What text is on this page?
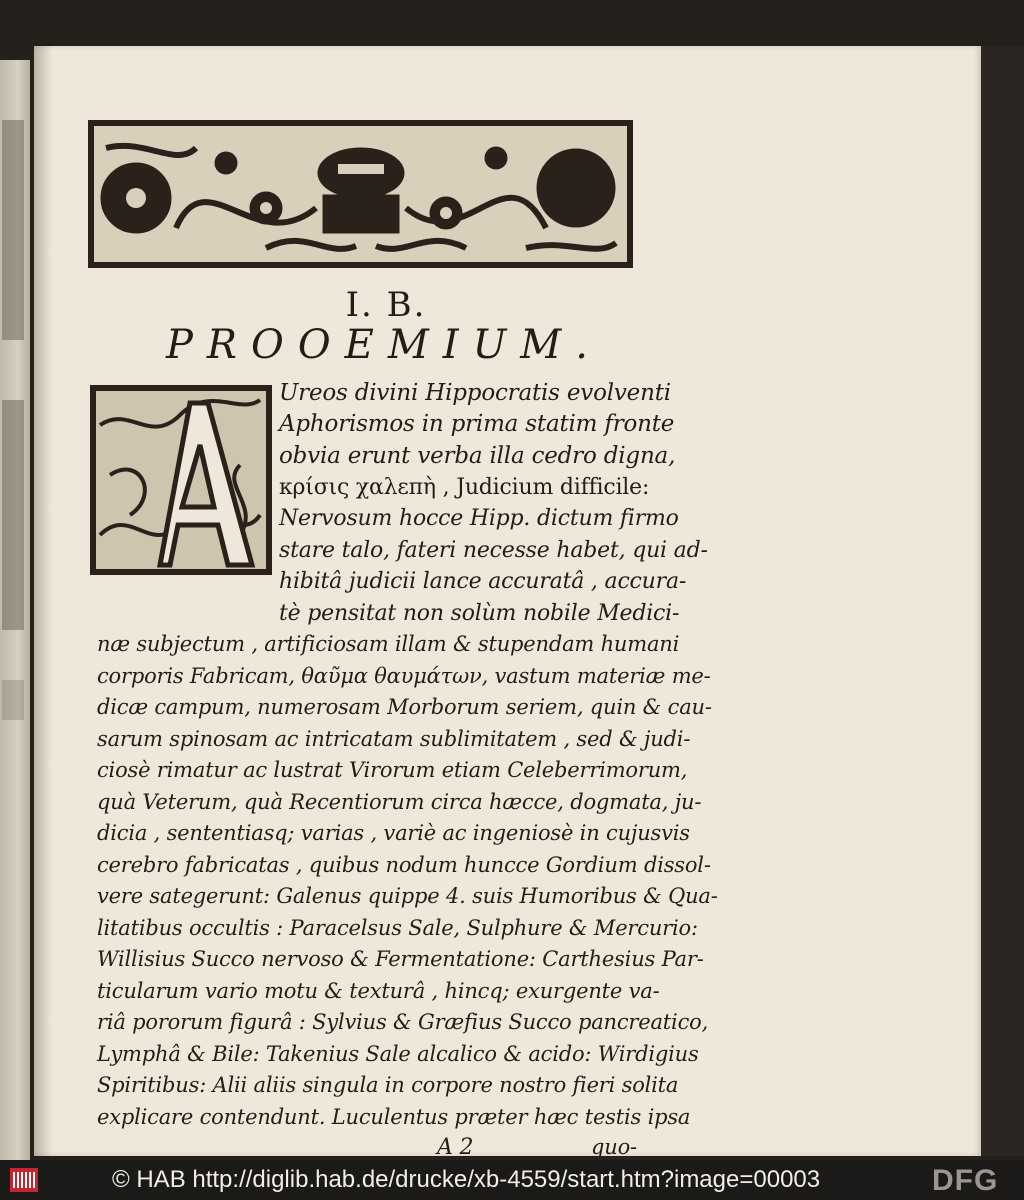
I. B.
PROOEMIUM.
Ureos divini Hippocratis evolventi
Aphorismos in prima statim fronte
obvia erunt verba illa cedro digna,
κρίσις χαλεπὴ , Judicium difficile:
Nervosum hocce Hipp. dictum firmo
stare talo, fateri necesse habet, qui ad-
hibitâ judicii lance accuratâ , accura-
tè pensitat non solùm nobile Medici-
næ subjectum , artificiosam illam & stupendam humani
corporis Fabricam, θαῦμα θαυμάτων, vastum materiæ me-
dicæ campum, numerosam Morborum seriem, quin & cau-
sarum spinosam ac intricatam sublimitatem , sed & judi-
ciosè rimatur ac lustrat Virorum etiam Celeberrimorum,
quà Veterum, quà Recentiorum circa hæcce, dogmata, ju-
dicia , sententiasq; varias , variè ac ingeniosè in cujusvis
cerebro fabricatas , quibus nodum huncce Gordium dissol-
vere sategerunt: Galenus quippe 4. suis Humoribus & Qua-
litatibus occultis : Paracelsus Sale, Sulphure & Mercurio:
Willisius Succo nervoso & Fermentatione: Carthesius Par-
ticularum vario motu & texturâ , hincq; exurgente va-
riâ pororum figurâ : Sylvius & Græfius Succo pancreatico,
Lymphâ & Bile: Takenius Sale alcalico & acido: Wirdigius
Spiritibus: Alii aliis singula in corpore nostro fieri solita
explicare contendunt. Luculentus præter hæc testis ipsa
A 2	quo-
© HAB http://diglib.hab.de/drucke/xb-4559/start.htm?image=00003	DFG
